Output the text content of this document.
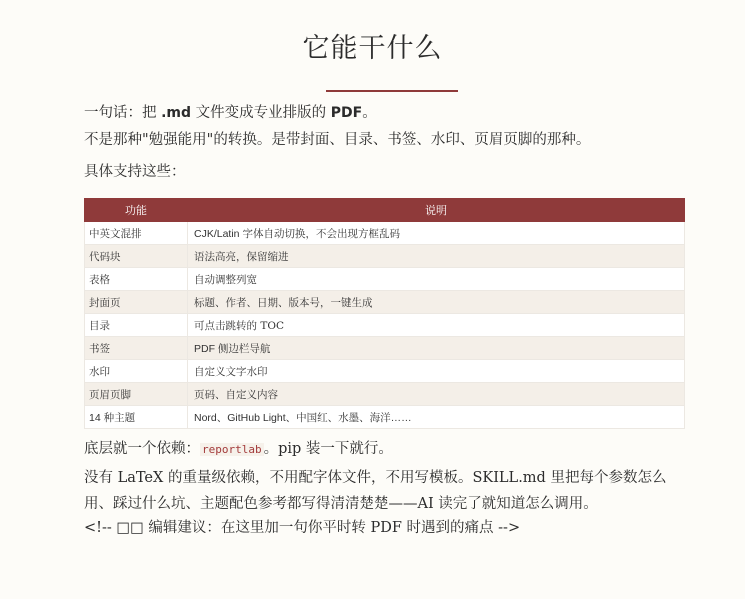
它能干什么

一句话：把 .md 文件变成专业排版的 PDF。

不是那种"勉强能用"的转换。是带封面、目录、书签、水印、页眉页脚的那种。

具体支持这些：

功能	说明
中英文混排	CJK/Latin 字体自动切换，不会出现方框乱码
代码块	语法高亮，保留缩进
表格	自动调整列宽
封面页	标题、作者、日期、版本号，一键生成
目录	可点击跳转的 TOC
书签	PDF 侧边栏导航
水印	自定义文字水印
页眉页脚	页码、自定义内容
14 种主题	Nord、GitHub Light、中国红、水墨、海洋……

底层就一个依赖： reportlab 。pip 装一下就行。

没有 LaTeX 的重量级依赖，不用配字体文件，不用写模板。SKILL.md 里把每个参数怎么用、踩过什么坑、主题配色参考都写得清清楚楚——AI 读完了就知道怎么调用。

<!-- □□ 编辑建议：在这里加一句你平时转 PDF 时遇到的痛点 -->
